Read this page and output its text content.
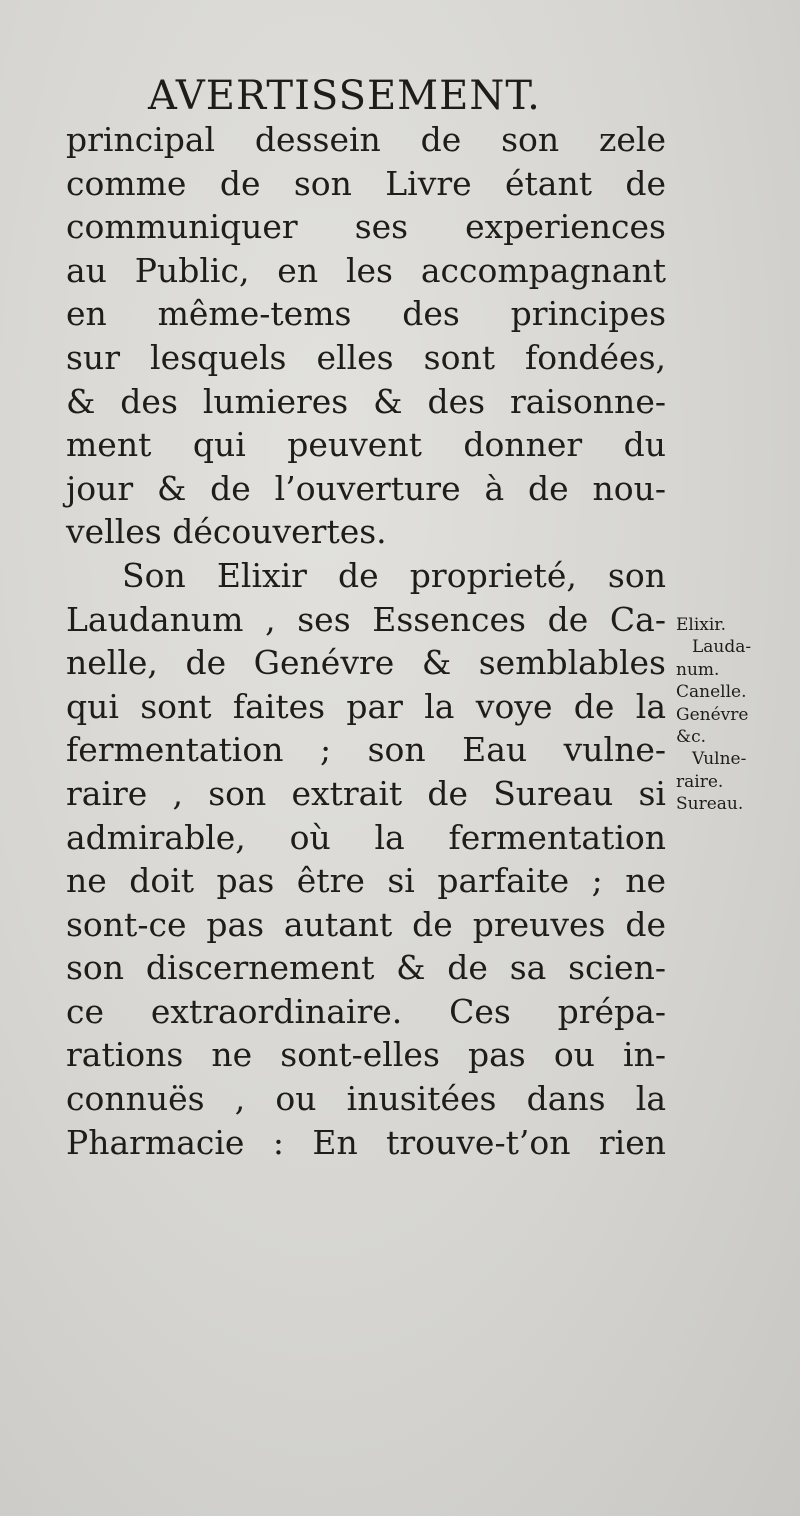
AVERTISSEMENT.
principal dessein de son zele
comme de son Livre étant de
communiquer ses experiences
au Public, en les accompagnant
en même-tems des principes
sur lesquels elles sont fondées,
& des lumieres & des raisonne-
ment qui peuvent donner du
jour & de l’ouverture à de nou-
velles découvertes.
Son Elixir de proprieté, son
Laudanum , ses Essences de Ca-
nelle, de Genévre & semblables
qui sont faites par la voye de la
fermentation ; son Eau vulne-
raire , son extrait de Sureau si
admirable, où la fermentation
ne doit pas être si parfaite ; ne
sont-ce pas autant de preuves de
son discernement & de sa scien-
ce extraordinaire. Ces prépa-
rations ne sont-elles pas ou in-
connuës , ou inusitées dans la
Pharmacie : En trouve-t’on rien
Elixir.
Lauda-
num.
Canelle.
Genévre
&c.
Vulne-
raire.
Sureau.
